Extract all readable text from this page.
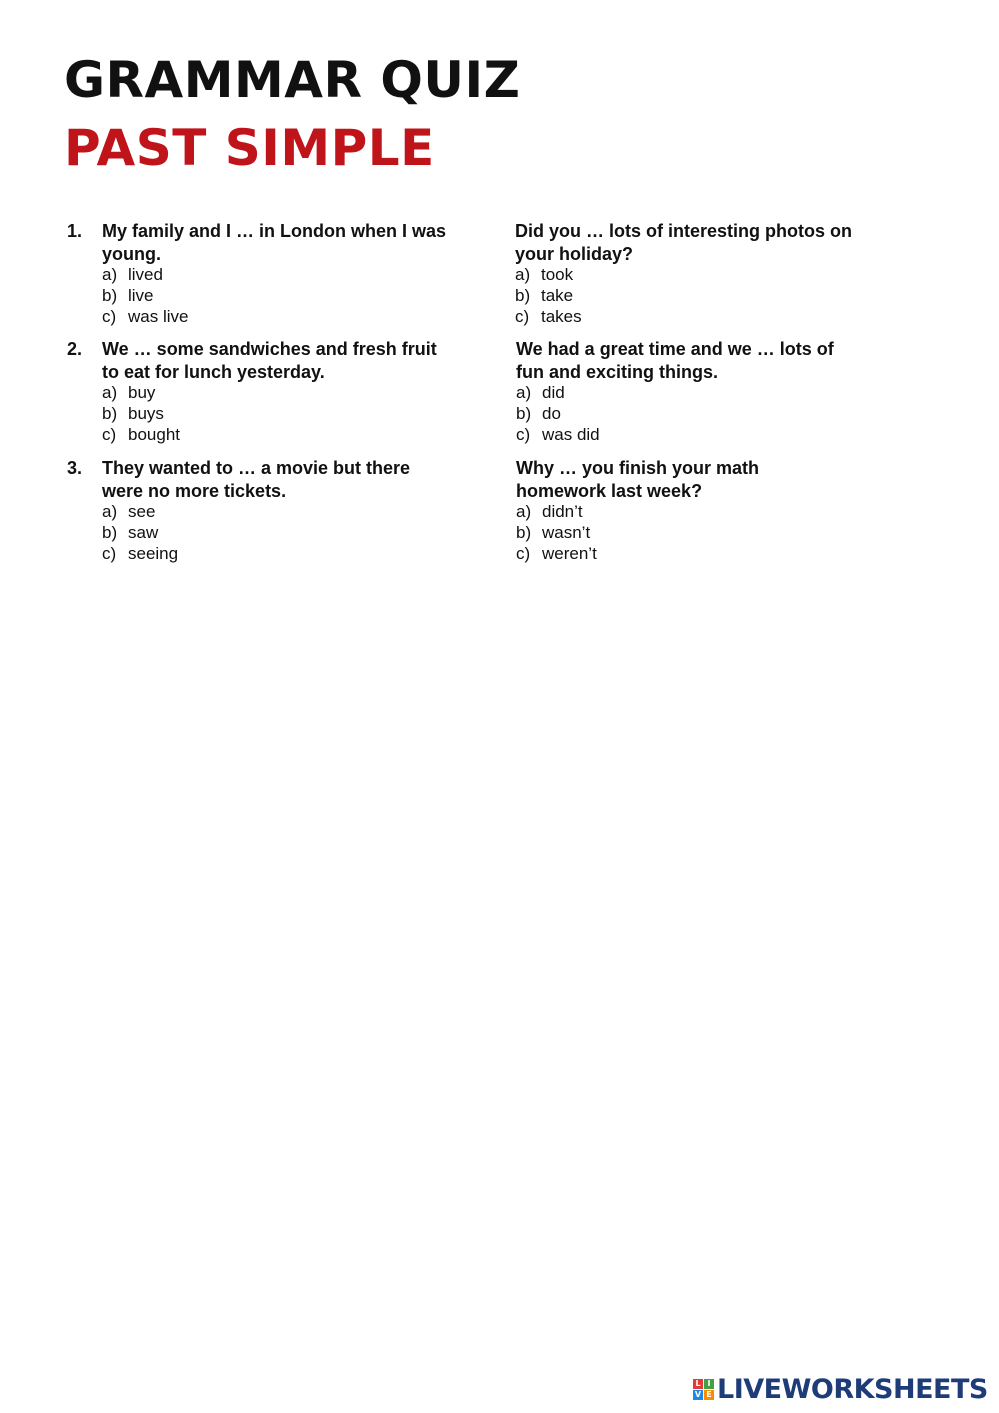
GRAMMAR QUIZ
PAST SIMPLE
1. My family and I … in London when I was young.

a) lived
b) live
c) was live
2. We … some sandwiches and fresh fruit to eat for lunch yesterday.

a) buy
b) buys
c) bought
3. They wanted to … a movie but there were no more tickets.

a) see
b) saw
c) seeing

Did you … lots of interesting photos on your holiday?

a) took
b) take
c) takes

We had a great time and we … lots of fun and exciting things.

a) did
b) do
c) was did

Why … you finish your math homework last week?

a) didn’t
b) wasn’t
c) weren’t
L I
V E LIVEWORKSHEETS
